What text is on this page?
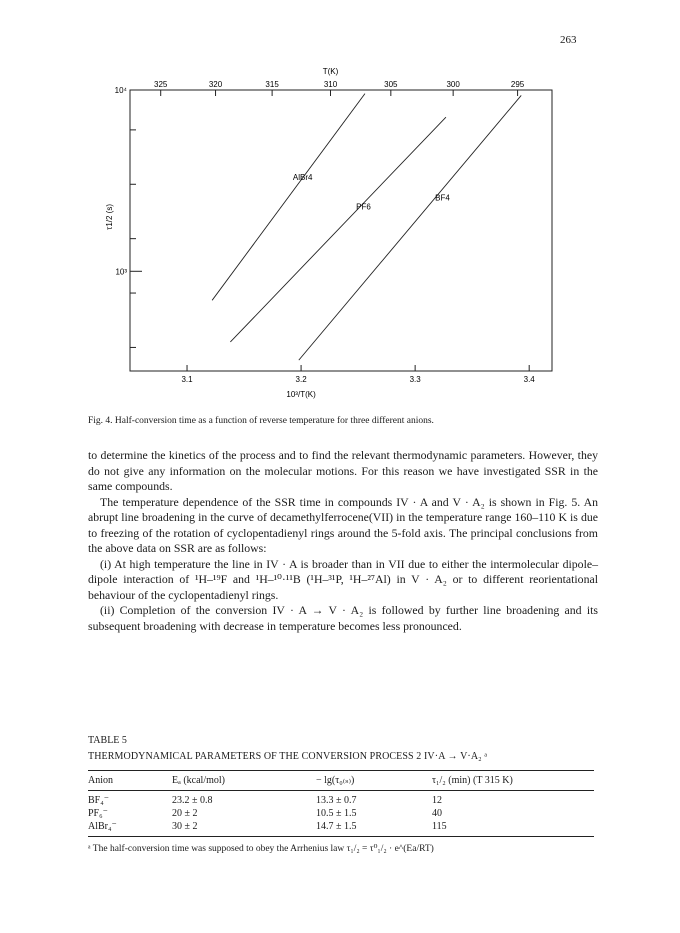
263
3.1	3.2	3.3	3.4
10³/T(K)
325	320	315	310	305	300	295
T(K)
10⁴
10³
τ1/2 (s)
AlBr4
PF6
BF4
Fig. 4. Half-conversion time as a function of reverse temperature for three different anions.

to determine the kinetics of the process and to find the relevant thermodynamic parameters. However, they do not give any information on the molecular motions. For this reason we have investigated SSR in the same compounds.

The temperature dependence of the SSR time in compounds IV · A and V · A₂ is shown in Fig. 5. An abrupt line broadening in the curve of decamethylferrocene(VII) in the temperature range 160–110 K is due to freezing of the rotation of cyclopentadienyl rings around the 5-fold axis. The principal conclusions from the above data on SSR are as follows:

(i) At high temperature the line in IV · A is broader than in VII due to either the intermolecular dipole–dipole interaction of ¹H–¹⁹F and ¹H–¹⁰·¹¹B (¹H–³¹P, ¹H–²⁷Al) in V · A₂ or to different reorientational behaviour of the cyclopentadienyl rings.

(ii) Completion of the conversion IV · A → V · A₂ is followed by further line broadening and its subsequent broadening with decrease in temperature becomes less pronounced.

TABLE 5
THERMODYNAMICAL PARAMETERS OF THE CONVERSION PROCESS 2 IV·A → V·A₂ ᵃ
Anion	Eₐ (kcal/mol)	− lg(τ₀₍ₛ₎)	τ₁/₂ (min) (T 315 K)
BF₄⁻	23.2 ± 0.8	13.3 ± 0.7	12
PF₆⁻	20 ± 2	10.5 ± 1.5	40
AlBr₄⁻	30 ± 2	14.7 ± 1.5	115
ᵃ The half-conversion time was supposed to obey the Arrhenius law τ₁/₂ = τ⁰₁/₂ · e^(Ea/RT)
